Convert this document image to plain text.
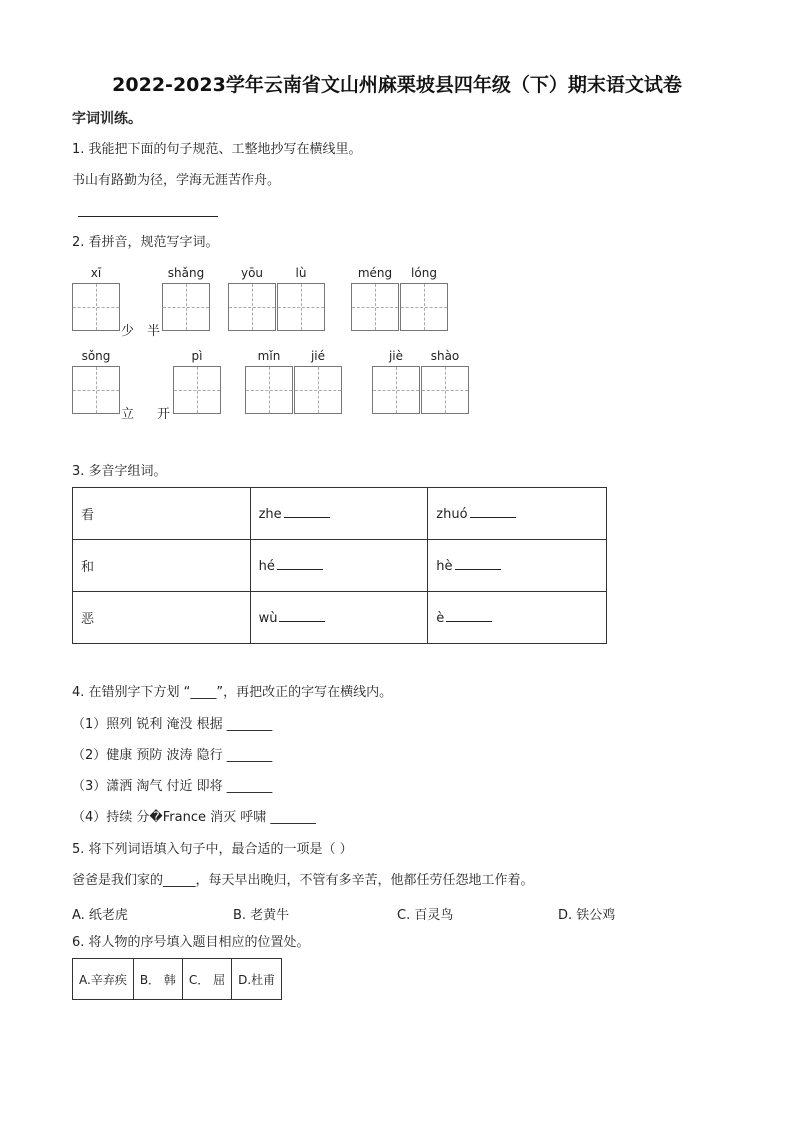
2022-2023学年云南省文山州麻栗坡县四年级（下）期末语文试卷
字词训练。
1. 我能把下面的句子规范、工整地抄写在横线里。
书山有路勤为径，学海无涯苦作舟。
2. 看拼音，规范写字词。
xī
少 半
shǎng	yōu	lù	méng	lóng
sǒng
立 开
pì	mǐn	jié	jiè	shào
3. 多音字组词。
看	zhe	zhuó
和	hé	hè
恶	wù	è
4. 在错别字下方划 “____”，再把改正的字写在横线内。
（1）照列 锐利 淹没 根据 _______
（2）健康 预防 波涛 隐行 _______
（3）潇洒 淘气 付近 即将 _______
（4）持续 分�France 消灭 呼啸 _______
5. 将下列词语填入句子中，最合适的一项是（ ）
爸爸是我们家的_____，每天早出晚归，不管有多辛苦，他都任劳任怨地工作着。
A. 纸老虎	B. 老黄牛	C. 百灵鸟	D. 铁公鸡
6. 将人物的序号填入题目相应的位置处。
A.辛弃疾	B． 韩	C． 屈	D.杜甫
